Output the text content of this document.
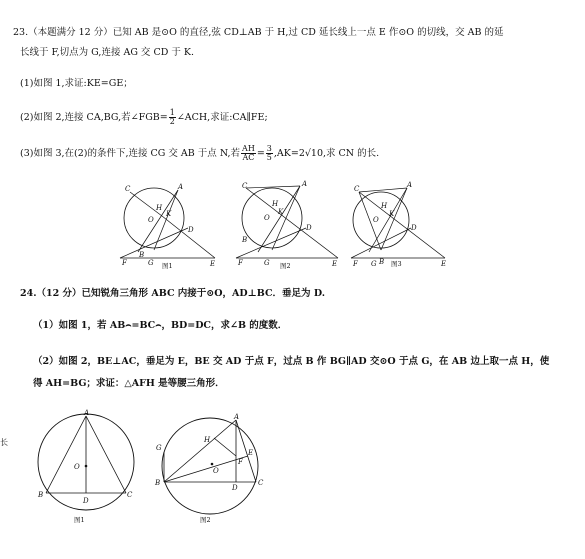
23.（本题满分 12 分）已知 AB 是⊙O 的直径,弦 CD⊥AB 于 H,过 CD 延长线上一点 E 作⊙O 的切线，交 AB 的延
长线于 F,切点为 G,连接 AG 交 CD 于 K.
(1)如图 1,求证:KE=GE；
(2)如图 2,连接 CA,BG,若∠FGB= $\frac{1}{2}$ ∠ACH,求证:CA∥FE;
(3)如图 3,在(2)的条件下,连接 CG 交 AB 于点 N,若 $\frac{AH}{AC} = \frac{3}{5} ,AK=2√10$,求 CN 的长.
C	A
H
O
K
D
F	G	E
B
图1
C	A
H
O
K
D
F	G	E
B
图2
C	A
H
O
K
D
F G	E
B 图3
24.（12 分）已知锐角三角形 ABC 内接于⊙O，AD⊥BC．垂足为 D.
（1）如图 1，若 AB⌢=BC⌢，BD=DC，求∠B 的度数．
（2）如图 2，BE⊥AC，垂足为 E，BE 交 AD 于点 F，过点 B 作 BG∥AD 交⊙O 于点 G，在 AB 边上取一点 H，使
得 AH=BG；求证：△AFH 是等腰三角形．
长
A
O
B	C
D
图1
A
H
G
E
F
O
B	C
D
图2
